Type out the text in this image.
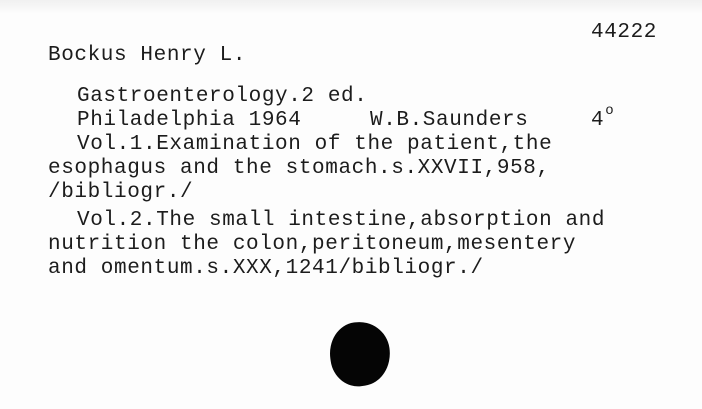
44222
Bockus Henry L.
Gastroenterology.2 ed.
Philadelphia 1964	W.B.Saunders	4$^o$
Vol.1.Examination of the patient,the
esophagus and the stomach.s.XXVII,958,
/bibliogr./
Vol.2.The small intestine,absorption and
nutrition the colon,peritoneum,mesentery
and omentum.s.XXX,1241/bibliogr./
